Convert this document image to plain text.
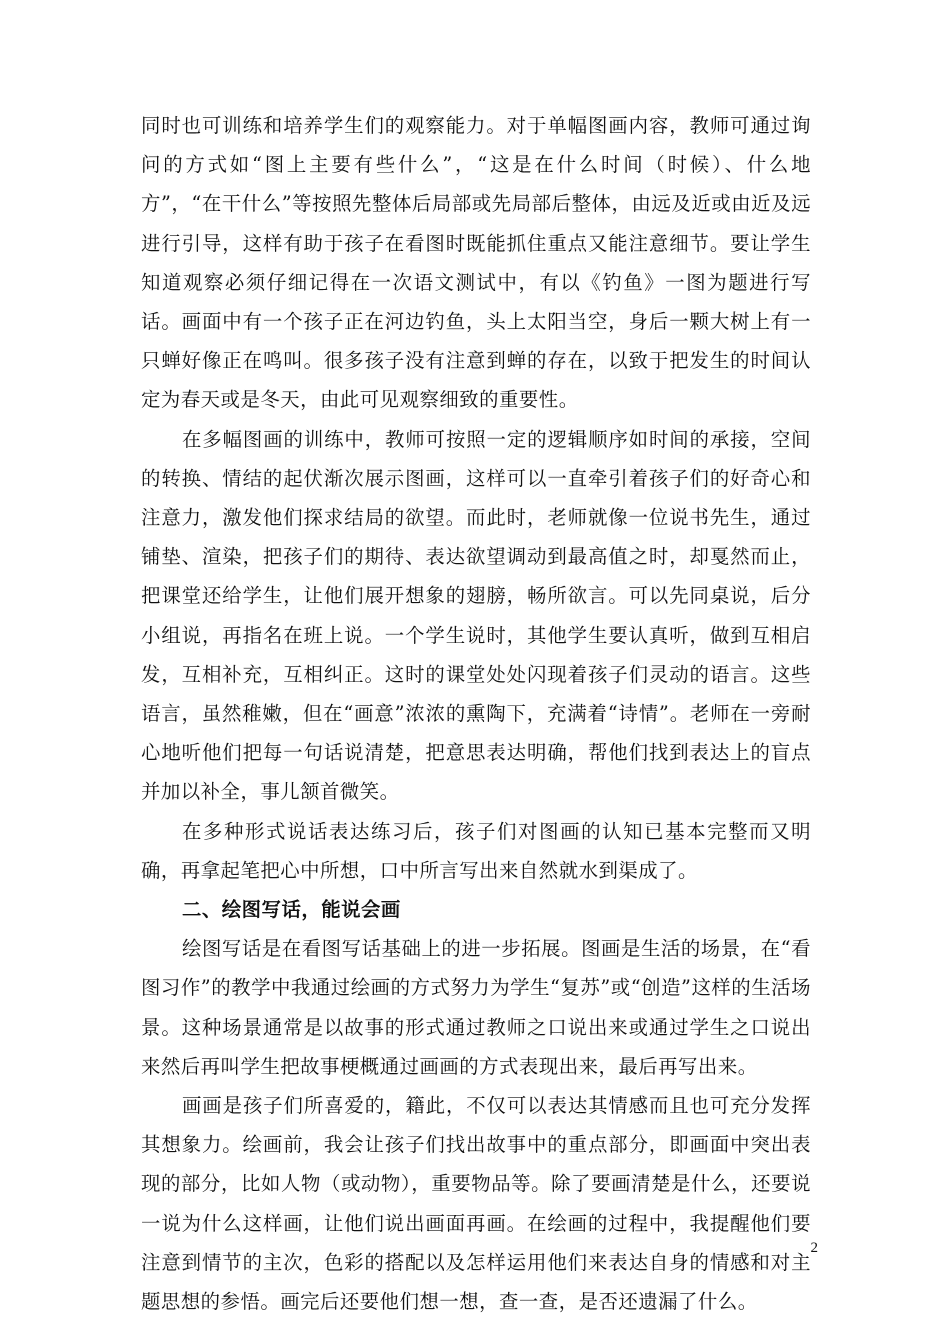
同时也可训练和培养学生们的观察能力。对于单幅图画内容，教师可通过询问的方式如“图上主要有些什么”，“这是在什么时间（时候）、什么地方”，“在干什么”等按照先整体后局部或先局部后整体，由远及近或由近及远进行引导，这样有助于孩子在看图时既能抓住重点又能注意细节。要让学生知道观察必须仔细记得在一次语文测试中，有以《钓鱼》一图为题进行写话。画面中有一个孩子正在河边钓鱼，头上太阳当空，身后一颗大树上有一只蝉好像正在鸣叫。很多孩子没有注意到蝉的存在，以致于把发生的时间认定为春天或是冬天，由此可见观察细致的重要性。

在多幅图画的训练中，教师可按照一定的逻辑顺序如时间的承接，空间的转换、情结的起伏渐次展示图画，这样可以一直牵引着孩子们的好奇心和注意力，激发他们探求结局的欲望。而此时，老师就像一位说书先生，通过铺垫、渲染，把孩子们的期待、表达欲望调动到最高值之时，却戛然而止，把课堂还给学生，让他们展开想象的翅膀，畅所欲言。可以先同桌说，后分小组说，再指名在班上说。一个学生说时，其他学生要认真听，做到互相启发，互相补充，互相纠正。这时的课堂处处闪现着孩子们灵动的语言。这些语言，虽然稚嫩，但在“画意”浓浓的熏陶下，充满着“诗情”。老师在一旁耐心地听他们把每一句话说清楚，把意思表达明确，帮他们找到表达上的盲点并加以补全，事儿颔首微笑。

在多种形式说话表达练习后，孩子们对图画的认知已基本完整而又明确，再拿起笔把心中所想，口中所言写出来自然就水到渠成了。

二、绘图写话，能说会画

绘图写话是在看图写话基础上的进一步拓展。图画是生活的场景，在“看图习作”的教学中我通过绘画的方式努力为学生“复苏”或“创造”这样的生活场景。这种场景通常是以故事的形式通过教师之口说出来或通过学生之口说出来然后再叫学生把故事梗概通过画画的方式表现出来，最后再写出来。

画画是孩子们所喜爱的，籍此，不仅可以表达其情感而且也可充分发挥其想象力。绘画前，我会让孩子们找出故事中的重点部分，即画面中突出表现的部分，比如人物（或动物），重要物品等。除了要画清楚是什么，还要说一说为什么这样画，让他们说出画面再画。在绘画的过程中，我提醒他们要注意到情节的主次，色彩的搭配以及怎样运用他们来表达自身的情感和对主题思想的参悟。画完后还要他们想一想，查一查，是否还遗漏了什么。

2
